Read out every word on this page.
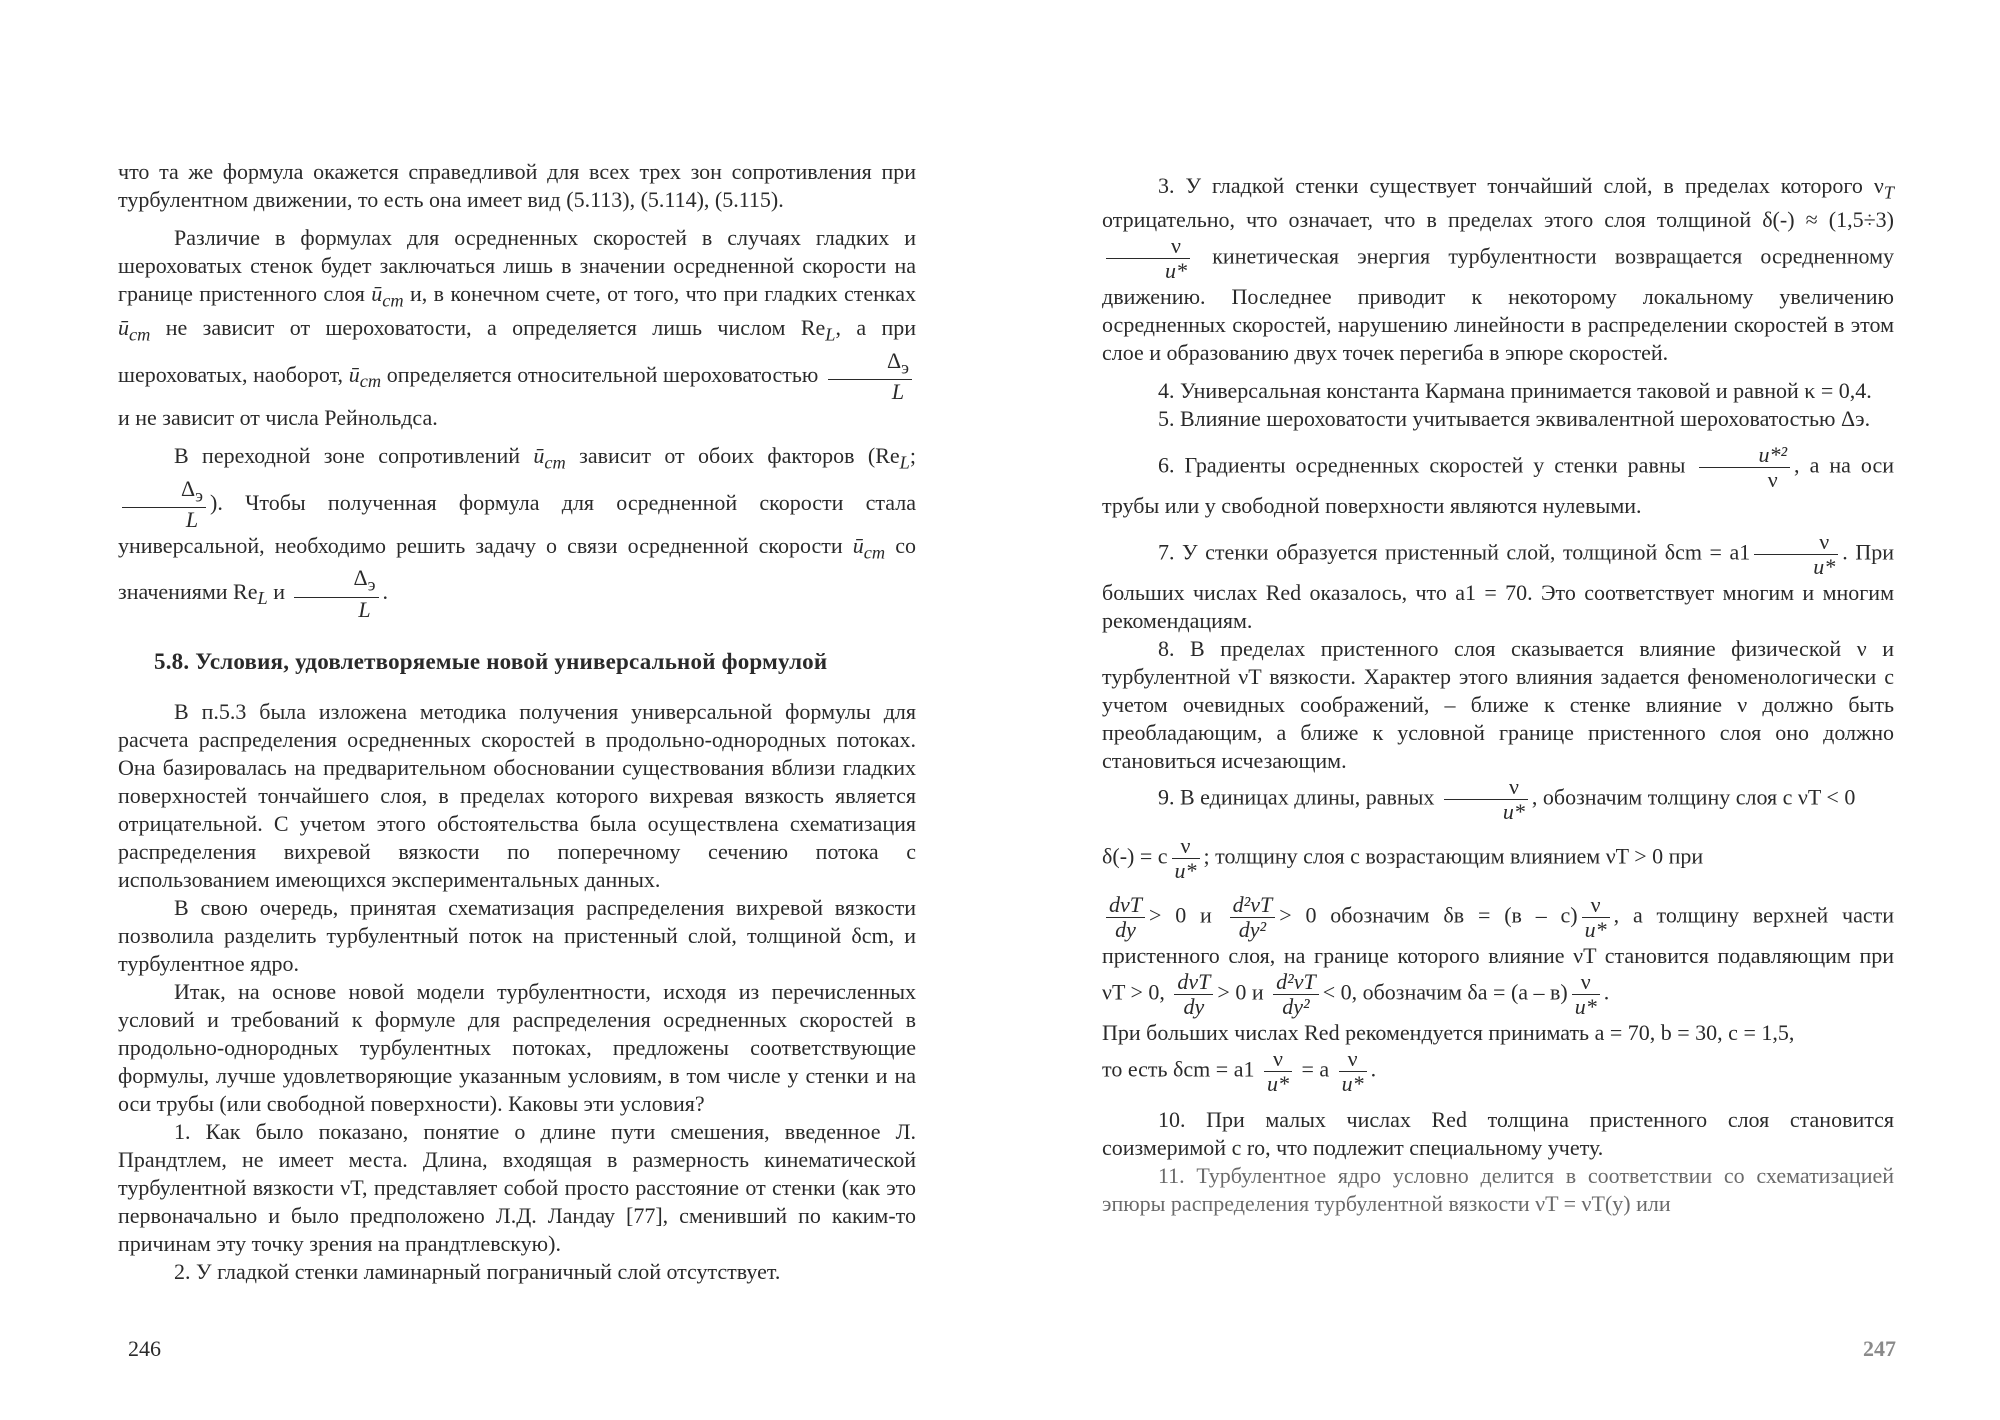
что та же формула окажется справедливой для всех трех зон сопротивления при турбулентном движении, то есть она имеет вид (5.113), (5.114), (5.115).

Различие в формулах для осредненных скоростей в случаях гладких и шероховатых стенок будет заключаться лишь в значении осредненной скорости на границе пристенного слоя $ū_{cm}$ и, в конечном счете, от того, что при гладких стенках $ū_{cm}$ не зависит от шероховатости, а определяется лишь числом $Re_L$, а при шероховатых, наоборот, $ū_{cm}$ определяется относительной шероховатостью $\frac{\Delta_э}{L}$
и не зависит от числа Рейнольдса.

В переходной зоне сопротивлений $ū_{cm}$ зависит от обоих факторов ($Re_L$;
$\frac{\Delta_э}{L}$ ). Чтобы полученная формула для осредненной скорости стала универсальной, необходимо решить задачу о связи осредненной скорости $ū_{cm}$ со значениями $Re_L$ и $\frac{\Delta_э}{L}$ .

5.8. Условия, удовлетворяемые новой универсальной формулой

В п.5.3 была изложена методика получения универсальной формулы для расчета распределения осредненных скоростей в продольно-однородных потоках. Она базировалась на предварительном обосновании существования вблизи гладких поверхностей тончайшего слоя, в пределах которого вихревая вязкость является отрицательной. С учетом этого обстоятельства была осуществлена схематизация распределения вихревой вязкости по поперечному сечению потока с использованием имеющихся экспериментальных данных.

В свою очередь, принятая схематизация распределения вихревой вязкости позволила разделить турбулентный поток на пристенный слой, толщиной δcm, и турбулентное ядро.

Итак, на основе новой модели турбулентности, исходя из перечисленных условий и требований к формуле для распределения осредненных скоростей в продольно-однородных турбулентных потоках, предложены соответствующие формулы, лучше удовлетворяющие указанным условиям, в том числе у стенки и на оси трубы (или свободной поверхности). Каковы эти условия?

1. Как было показано, понятие о длине пути смешения, введенное Л. Прандтлем, не имеет места. Длина, входящая в размерность кинематической турбулентной вязкости νT, представляет собой просто расстояние от стенки (как это первоначально и было предположено Л.Д. Ландау [77], сменивший по каким-то причинам эту точку зрения на прандтлевскую).

2. У гладкой стенки ламинарный пограничный слой отсутствует.

246

3. У гладкой стенки существует тончайший слой, в пределах которого $\nu_T$ отрицательно, что означает, что в пределах этого слоя толщиной δ(-) ≈ (1,5÷3)
$\frac{\nu}{u*}$ кинетическая энергия турбулентности возвращается осредненному движению. Последнее приводит к некоторому локальному увеличению осредненных скоростей, нарушению линейности в распределении скоростей в этом слое и образованию двух точек перегиба в эпюре скоростей.

4. Универсальная константа Кармана принимается таковой и равной κ = 0,4.

5. Влияние шероховатости учитывается эквивалентной шероховатостью Δэ.

6. Градиенты осредненных скоростей у стенки равны $\frac{\text{u*²}}{\nu}$ , а на оси трубы или у свободной поверхности являются нулевыми.

7. У стенки образуется пристенный слой, толщиной $\delta cm = a1 \frac{\nu}{u*}$ . При больших числах Red оказалось, что a1 = 70. Это соответствует многим и многим рекомендациям.

8. В пределах пристенного слоя сказывается влияние физической ν и турбулентной νT вязкости. Характер этого влияния задается феноменологически с учетом очевидных соображений, – ближе к стенке влияние ν должно быть преобладающим, а ближе к условной границе пристенного слоя оно должно становиться исчезающим.

9. В единицах длины, равных $\frac{\nu}{u*}$ , обозначим толщину слоя с νT < 0

δ(-) = c $\frac{\nu}{u*}$ ; толщину слоя с возрастающим влиянием νT > 0 при

$\frac{\text{dνT}}{dy} > 0$ и $\frac{\text{d²νT}}{\text{dy²}} > 0$ обозначим $\delta в = (в - c) \frac{\nu}{u*}$ , а толщину верхней части пристенного слоя, на границе которого влияние νT становится подавляющим при νT > 0, $\frac{\text{dνT}}{dy} > 0$ и $\frac{\text{d²νT}}{\text{dy²}} < 0$, обозначим $\delta a = (a - в) \frac{\nu}{u*}$ .

При больших числах Red рекомендуется принимать a = 70, b = 30, c = 1,5,

то есть $\delta cm = a1 \frac{\nu}{u*} = a \frac{\nu}{u*}$ .

10. При малых числах Red толщина пристенного слоя становится соизмеримой с ro, что подлежит специальному учету.

11. Турбулентное ядро условно делится в соответствии со схематизацией эпюры распределения турбулентной вязкости νT = νT(y) или

247
